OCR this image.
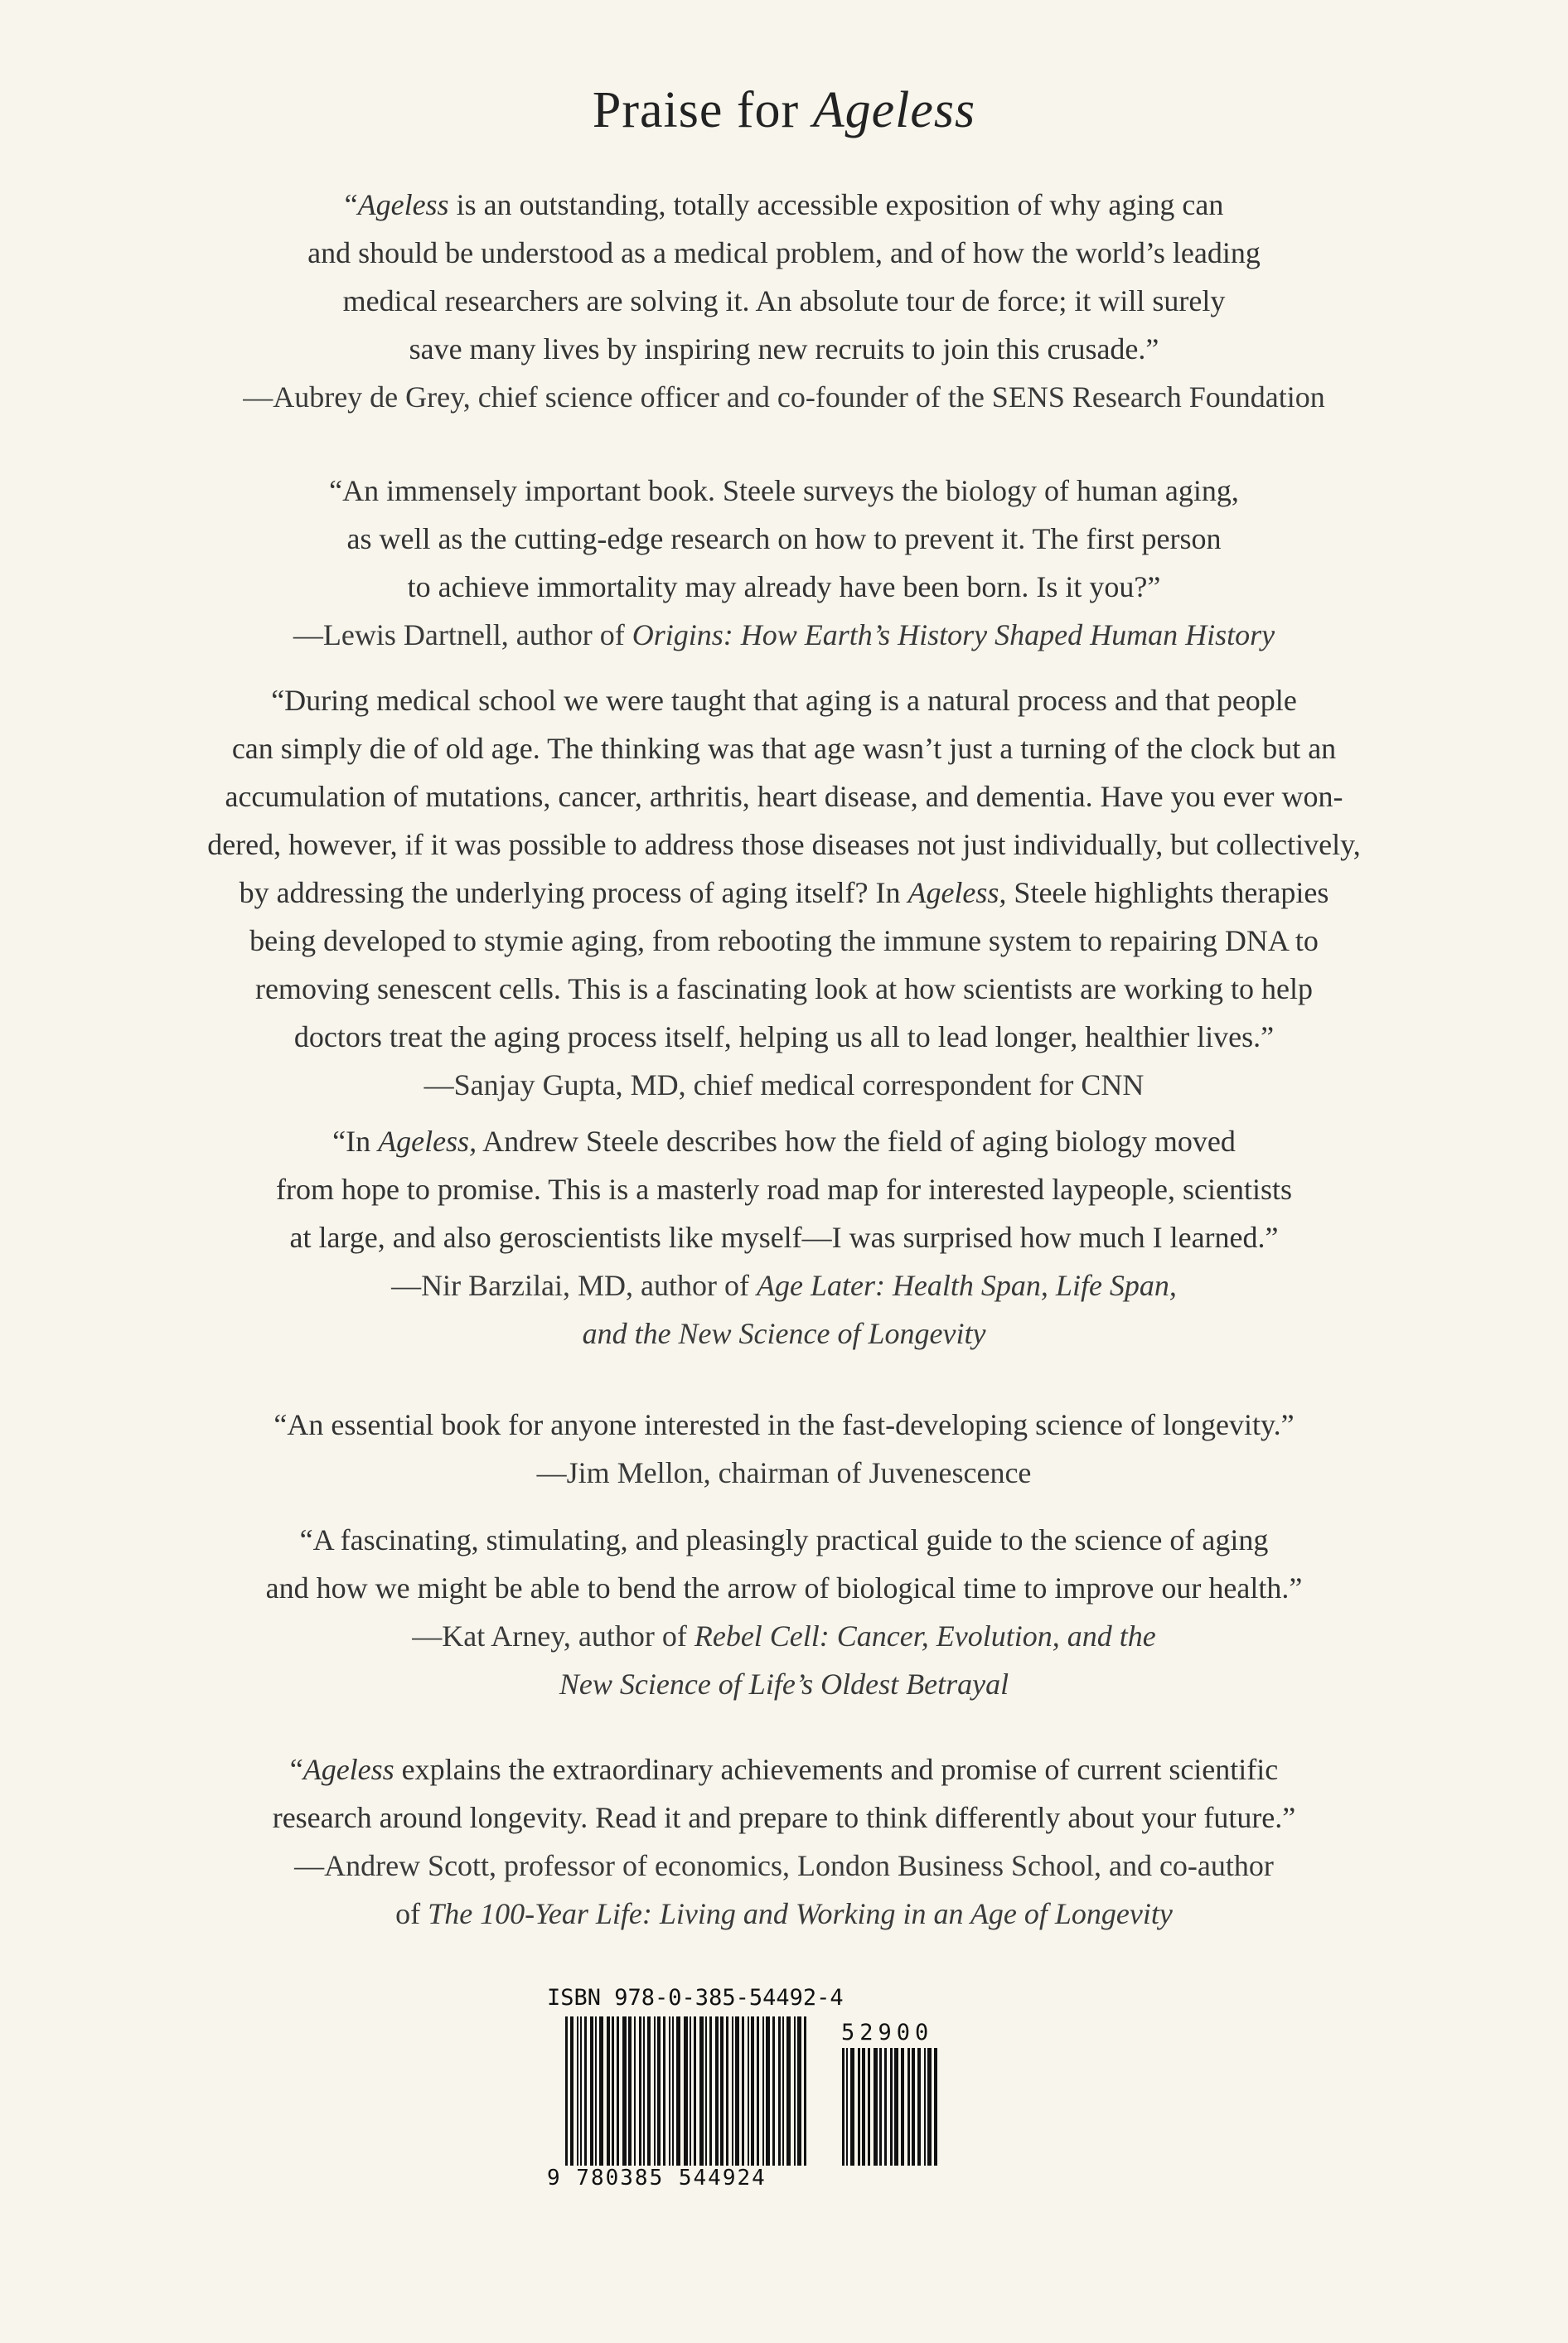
Praise for Ageless
“Ageless is an outstanding, totally accessible exposition of why aging can
and should be understood as a medical problem, and of how the world’s leading
medical researchers are solving it. An absolute tour de force; it will surely
save many lives by inspiring new recruits to join this crusade.”
—Aubrey de Grey, chief science officer and co-founder of the SENS Research Foundation
“An immensely important book. Steele surveys the biology of human aging,
as well as the cutting-edge research on how to prevent it. The first person
to achieve immortality may already have been born. Is it you?”
—Lewis Dartnell, author of Origins: How Earth’s History Shaped Human History
“During medical school we were taught that aging is a natural process and that people
can simply die of old age. The thinking was that age wasn’t just a turning of the clock but an
accumulation of mutations, cancer, arthritis, heart disease, and dementia. Have you ever won-
dered, however, if it was possible to address those diseases not just individually, but collectively,
by addressing the underlying process of aging itself? In Ageless, Steele highlights therapies
being developed to stymie aging, from rebooting the immune system to repairing DNA to
removing senescent cells. This is a fascinating look at how scientists are working to help
doctors treat the aging process itself, helping us all to lead longer, healthier lives.”
—Sanjay Gupta, MD, chief medical correspondent for CNN
“In Ageless, Andrew Steele describes how the field of aging biology moved
from hope to promise. This is a masterly road map for interested laypeople, scientists
at large, and also geroscientists like myself—I was surprised how much I learned.”
—Nir Barzilai, MD, author of Age Later: Health Span, Life Span,
and the New Science of Longevity
“An essential book for anyone interested in the fast-developing science of longevity.”
—Jim Mellon, chairman of Juvenescence
“A fascinating, stimulating, and pleasingly practical guide to the science of aging
and how we might be able to bend the arrow of biological time to improve our health.”
—Kat Arney, author of Rebel Cell: Cancer, Evolution, and the
New Science of Life’s Oldest Betrayal
“Ageless explains the extraordinary achievements and promise of current scientific
research around longevity. Read it and prepare to think differently about your future.”
—Andrew Scott, professor of economics, London Business School, and co-author
of The 100-Year Life: Living and Working in an Age of Longevity
ISBN 978-0-385-54492-4
52900
9 780385 544924
